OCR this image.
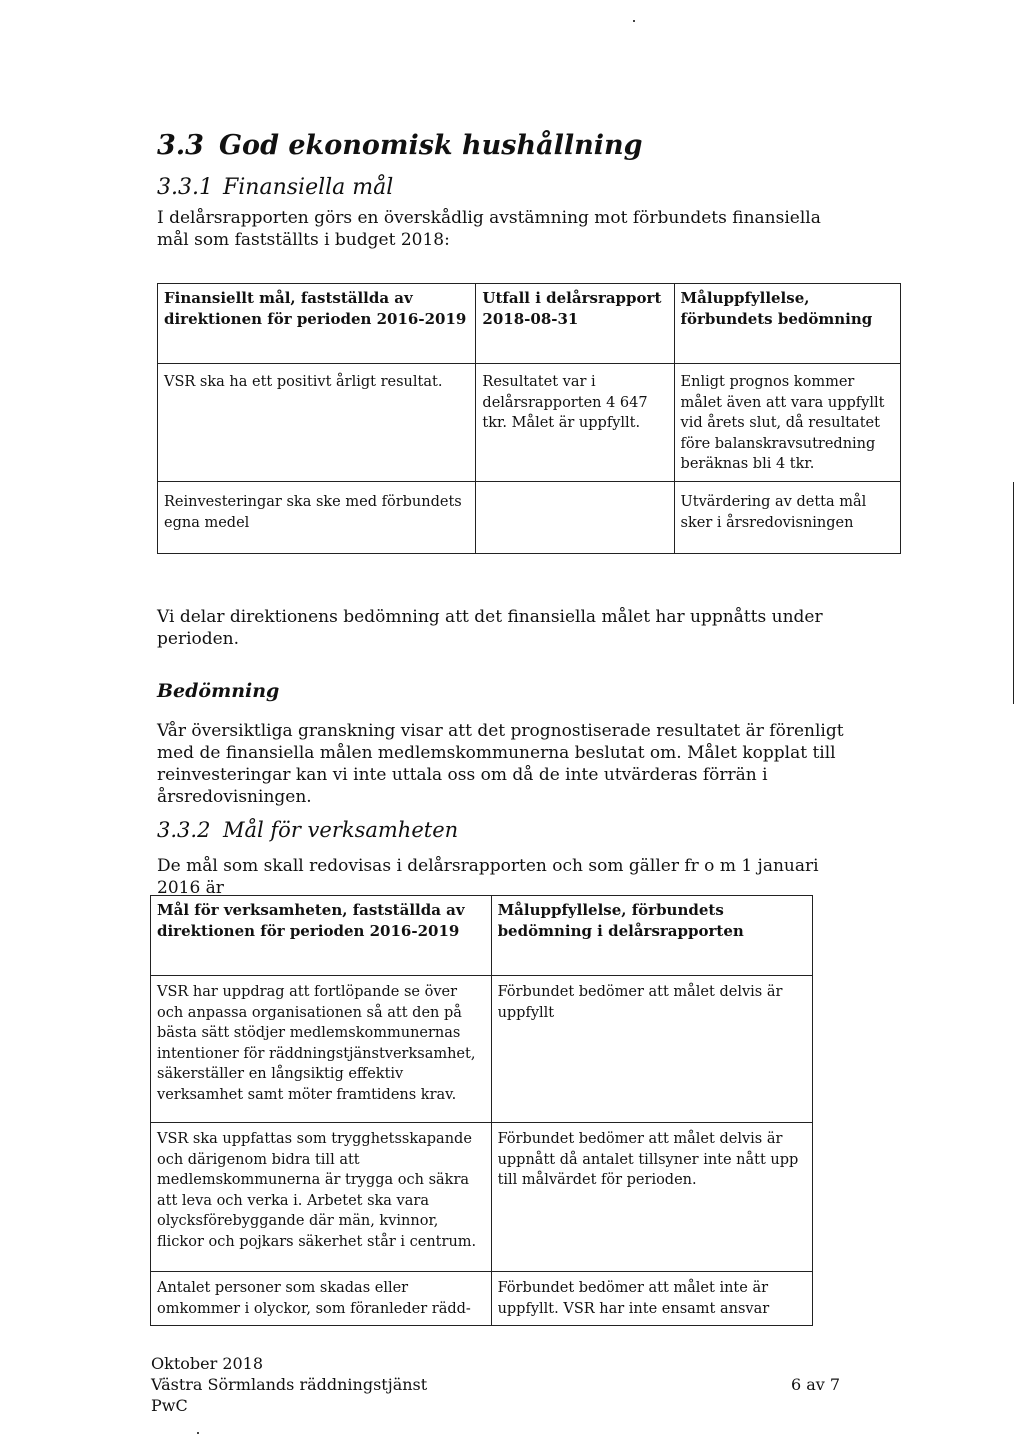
3.3 God ekonomisk hushållning
3.3.1 Finansiella mål
I delårsrapporten görs en överskådlig avstämning mot förbundets finansiella mål som fastställts i budget 2018:
Finansiellt mål, fastställda av direktionen för perioden 2016-2019	Utfall i delårsrapport 2018-08-31	Måluppfyllelse, förbundets bedömning
VSR ska ha ett positivt årligt resultat.	Resultatet var i delårsrapporten 4 647 tkr. Målet är uppfyllt.	Enligt prognos kommer målet även att vara uppfyllt vid årets slut, då resultatet före balanskravsutredning beräknas bli 4 tkr.
Reinvesteringar ska ske med förbundets egna medel		Utvärdering av detta mål sker i årsredovisningen
Vi delar direktionens bedömning att det finansiella målet har uppnåtts under perioden.
Bedömning
Vår översiktliga granskning visar att det prognostiserade resultatet är förenligt med de finansiella målen medlemskommunerna beslutat om. Målet kopplat till reinvesteringar kan vi inte uttala oss om då de inte utvärderas förrän i årsredovisningen.
3.3.2 Mål för verksamheten
De mål som skall redovisas i delårsrapporten och som gäller fr o m 1 januari 2016 är
Mål för verksamheten, fastställda av direktionen för perioden 2016-2019	Måluppfyllelse, förbundets bedömning i delårsrapporten
VSR har uppdrag att fortlöpande se över och anpassa organisationen så att den på bästa sätt stödjer medlemskommunernas intentioner för räddningstjänstverksamhet, säkerställer en långsiktig effektiv verksamhet samt möter framtidens krav.	Förbundet bedömer att målet delvis är uppfyllt
VSR ska uppfattas som trygghetsskapande och därigenom bidra till att medlemskommunerna är trygga och säkra att leva och verka i. Arbetet ska vara olycksförebyggande där män, kvinnor, flickor och pojkars säkerhet står i centrum.	Förbundet bedömer att målet delvis är uppnått då antalet tillsyner inte nått upp till målvärdet för perioden.
Antalet personer som skadas eller omkommer i olyckor, som föranleder rädd-	Förbundet bedömer att målet inte är uppfyllt. VSR har inte ensamt ansvar
Oktober 2018
Västra Sörmlands räddningstjänst
PwC
6 av 7
